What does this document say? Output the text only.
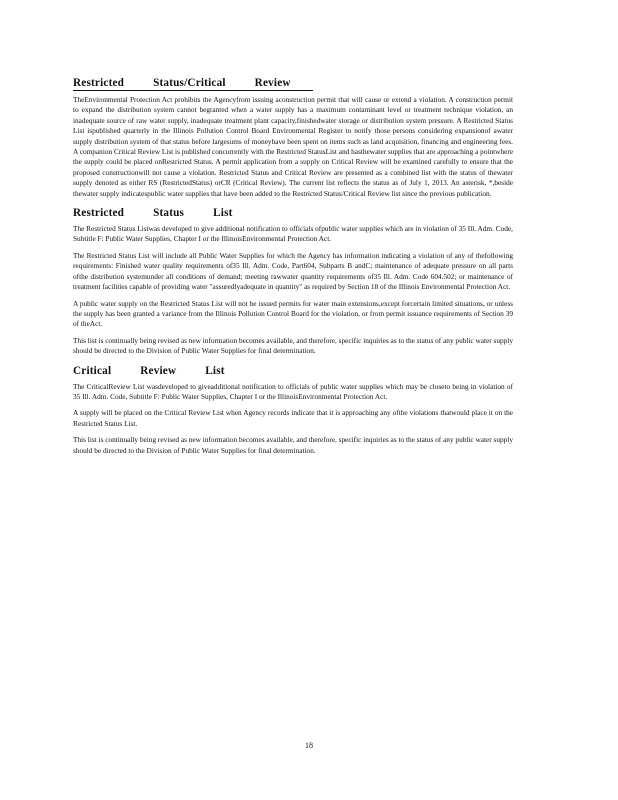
Restricted Status/Critical Review

TheEnvironmental Protection Act prohibits the Agencyfrom issuing aconstruction permit that will cause or extend a violation. A construction permit to expand the distribution system cannot begranted when a water supply has a maximum contaminant level or treatment technique violation, an inadequate source of raw water supply, inadequate treatment plant capacity,finishedwater storage or distribution system pressure. A Restricted Status List ispublished quarterly in the Illinois Pollution Control Board Environmental Register to notify those persons considering expansionof awater supply distribution system of that status before largesums of moneyhave been spent on items such as land acquisition, financing and engineering fees. A companion Critical Review List is published concurrently with the Restricted StatusList and hasthewater supplies that are approaching a pointwhere the supply could be placed onRestricted Status. A permit application from a supply on Critical Review will be examined carefully to ensure that the proposed constructionwill not cause a violation. Restricted Status and Critical Review are presented as a combined list with the status of thewater supply denoted as either RS (RestrictedStatus) orCR (Critical Review). The current list reflects the status as of July 1, 2013. An asterisk, *,beside thewater supply indicatespublic water supplies that have been added to the Restricted Status/Critical Review list since the previous publication.

Restricted Status List

The Restricted Status Listwas developed to give additional notification to officials ofpublic water supplies which are in violation of 35 Ill. Adm. Code, Subtitle F: Public Water Supplies, Chapter I or the IllinoisEnvironmental Protection Act.

The Restricted Status List will include all Public Water Supplies for which the Agency has information indicating a violation of any of thefollowing requirements: Finished water quality requirements of35 Ill. Adm. Code, Part604, Subparts B andC; maintenance of adequate pressure on all parts ofthe distribution systemunder all conditions of demand; meeting rawwater quantity requirements of35 Ill. Adm. Code 604.502; or maintenance of treatment facilities capable of providing water "assuredlyadequate in quantity" as required by Section 18 of the Illinois Environmental Protection Act.

A public water supply on the Restricted Status List will not be issued permits for water main extensions,except forcertain limited situations, or unless the supply has been granted a variance from the Illinois Pollution Control Board for the violation, or from permit issuance requirements of Section 39 of theAct.

This list is continually being revised as new information becomes available, and therefore, specific inquiries as to the status of any public water supply should be directed to the Division of Public Water Supplies for final determination.

Critical Review List

The CriticalReview List wasdeveloped to giveadditional notification to officials of public water supplies which may be closeto being in violation of 35 Ill. Adm. Code, Subtitle F: Public Water Supplies, Chapter I or the IllinoisEnvironmental Protection Act.

A supply will be placed on the Critical Review List when Agency records indicate that it is approaching any ofthe violations thatwould place it on the Restricted Status List.

This list is continually being revised as new information becomes available, and therefore, specific inquiries as to the status of any public water supply should be directed to the Division of Public Water Supplies for final determination.

18
